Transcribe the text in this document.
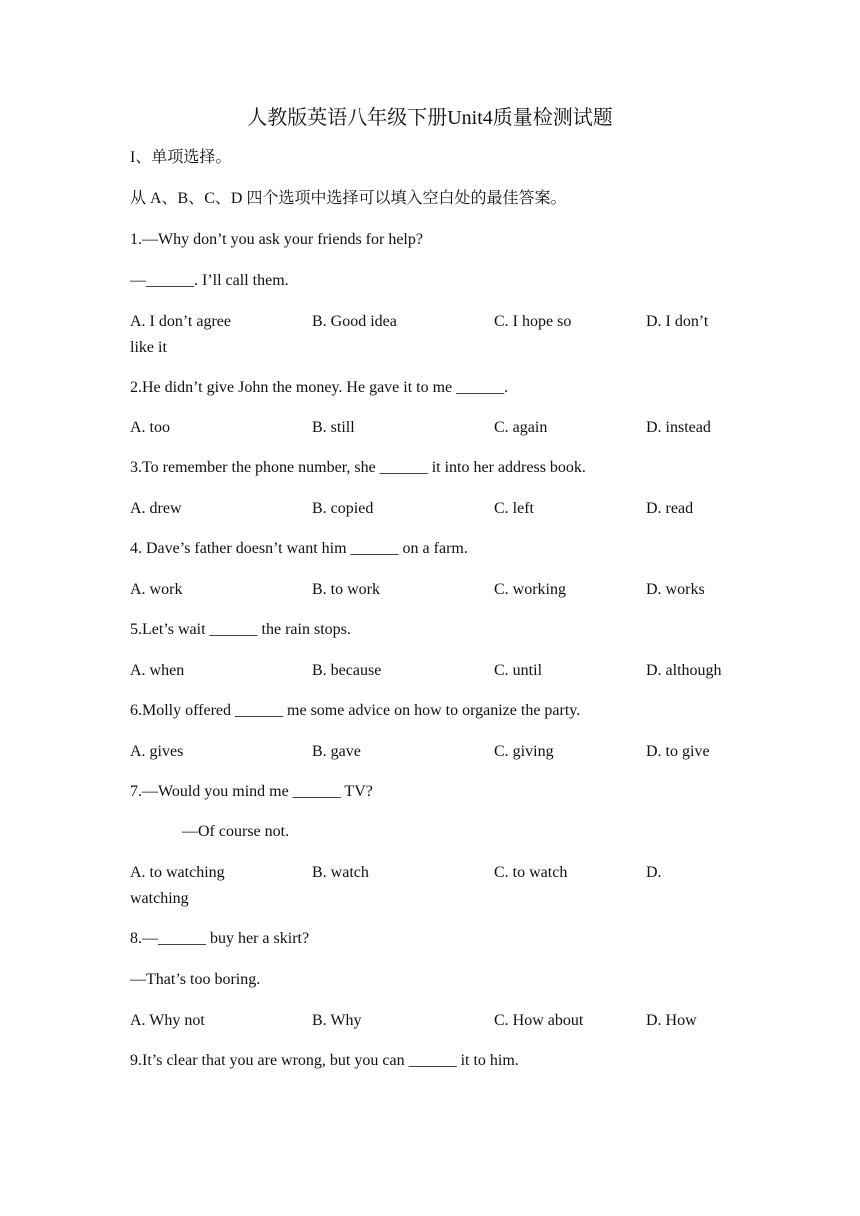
人教版英语八年级下册Unit4质量检测试题
I、单项选择。
从 A、B、C、D 四个选项中选择可以填入空白处的最佳答案。
1.—Why don’t you ask your friends for help?
—______. I’ll call them.
A. I don’t agree	B. Good idea	C. I hope so	D. I don’t
like it
2.He didn’t give John the money. He gave it to me ______.
A. too	B. still	C. again	D. instead
3.To remember the phone number, she ______ it into her address book.
A. drew	B. copied	C. left	D. read
4. Dave’s father doesn’t want him ______ on a farm.
A. work	B. to work	C. working	D. works
5.Let’s wait ______ the rain stops.
A. when	B. because	C. until	D. although
6.Molly offered ______ me some advice on how to organize the party.
A. gives	B. gave	C. giving	D. to give
7.—Would you mind me ______ TV?
—Of course not.
A. to watching	B. watch	C. to watch	D.
watching
8.—______ buy her a skirt?
—That’s too boring.
A. Why not	B. Why	C. How about	D. How
9.It’s clear that you are wrong, but you can ______ it to him.
